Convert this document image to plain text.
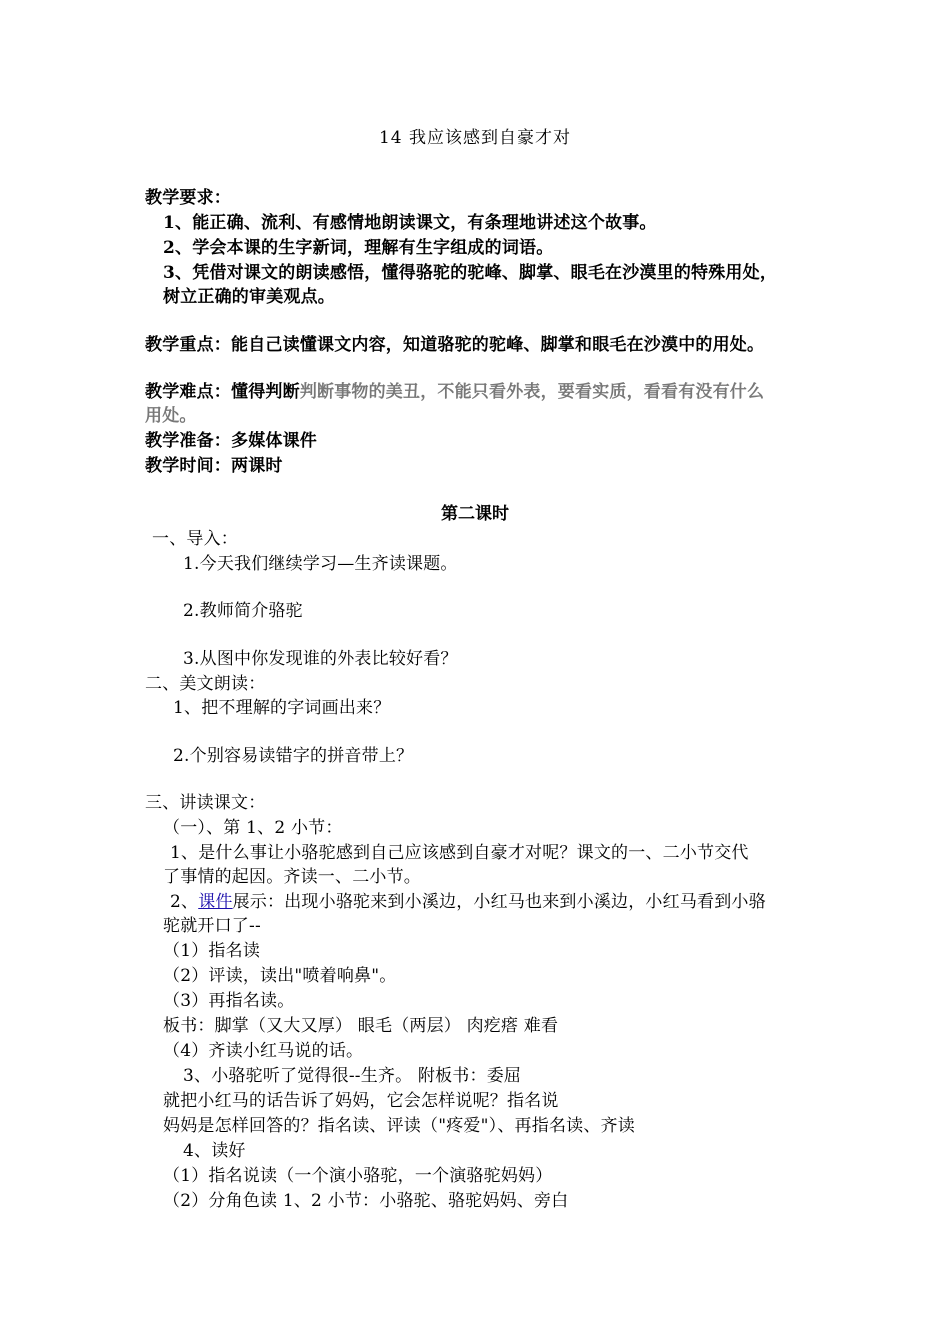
14 我应该感到自豪才对
教学要求：
1、能正确、流利、有感情地朗读课文，有条理地讲述这个故事。
2、学会本课的生字新词，理解有生字组成的词语。
3、凭借对课文的朗读感悟，懂得骆驼的驼峰、脚掌、眼毛在沙漠里的特殊用处，
树立正确的审美观点。
教学重点：能自己读懂课文内容，知道骆驼的驼峰、脚掌和眼毛在沙漠中的用处。
教学难点：懂得判断判断事物的美丑，不能只看外表，要看实质，看看有没有什么
用处。
教学准备：多媒体课件
教学时间：两课时
第二课时
一、导入：
1.今天我们继续学习—生齐读课题。
2.教师简介骆驼
3.从图中你发现谁的外表比较好看？
二、美文朗读：
1、把不理解的字词画出来？
2.个别容易读错字的拼音带上？
三、讲读课文：
（一）、第 1、2 小节：
1、是什么事让小骆驼感到自己应该感到自豪才对呢？课文的一、二小节交代
了事情的起因。齐读一、二小节。
2、课件展示：出现小骆驼来到小溪边，小红马也来到小溪边，小红马看到小骆
驼就开口了--
（1）指名读
（2）评读，读出"喷着响鼻"。
（3）再指名读。
板书：脚掌（又大又厚） 眼毛（两层） 肉疙瘩 难看
（4）齐读小红马说的话。
3、小骆驼听了觉得很--生齐。 附板书：委屈
就把小红马的话告诉了妈妈，它会怎样说呢？指名说
妈妈是怎样回答的？指名读、评读（"疼爱"）、再指名读、齐读
4、读好
（1）指名说读（一个演小骆驼，一个演骆驼妈妈）
（2）分角色读 1、2 小节：小骆驼、骆驼妈妈、旁白
